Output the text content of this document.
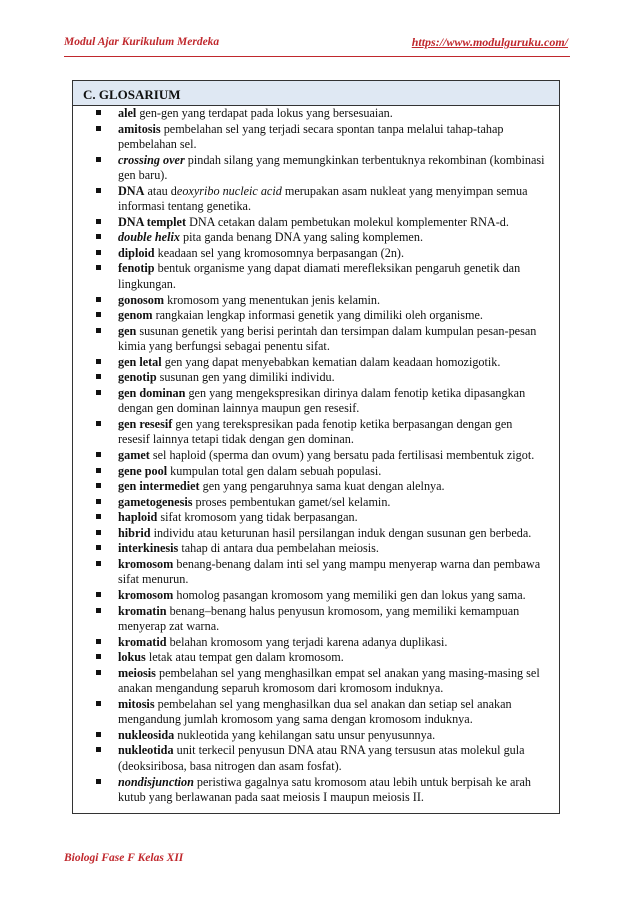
Modul Ajar Kurikulum Merdeka	https://www.modulguruku.com/
C. GLOSARIUM
alel gen-gen yang terdapat pada lokus yang bersesuaian.
amitosis pembelahan sel yang terjadi secara spontan tanpa melalui tahap-tahap pembelahan sel.
crossing over pindah silang yang memungkinkan terbentuknya rekombinan (kombinasi gen baru).
DNA atau deoxyribo nucleic acid merupakan asam nukleat yang menyimpan semua informasi tentang genetika.
DNA templet DNA cetakan dalam pembetukan molekul komplementer RNA-d.
double helix pita ganda benang DNA yang saling komplemen.
diploid keadaan sel yang kromosomnya berpasangan (2n).
fenotip bentuk organisme yang dapat diamati merefleksikan pengaruh genetik dan lingkungan.
gonosom kromosom yang menentukan jenis kelamin.
genom rangkaian lengkap informasi genetik yang dimiliki oleh organisme.
gen susunan genetik yang berisi perintah dan tersimpan dalam kumpulan pesan-pesan kimia yang berfungsi sebagai penentu sifat.
gen letal gen yang dapat menyebabkan kematian dalam keadaan homozigotik.
genotip susunan gen yang dimiliki individu.
gen dominan gen yang mengekspresikan dirinya dalam fenotip ketika dipasangkan dengan gen dominan lainnya maupun gen resesif.
gen resesif gen yang terekspresikan pada fenotip ketika berpasangan dengan gen resesif lainnya tetapi tidak dengan gen dominan.
gamet sel haploid (sperma dan ovum) yang bersatu pada fertilisasi membentuk zigot.
gene pool kumpulan total gen dalam sebuah populasi.
gen intermediet gen yang pengaruhnya sama kuat dengan alelnya.
gametogenesis proses pembentukan gamet/sel kelamin.
haploid sifat kromosom yang tidak berpasangan.
hibrid individu atau keturunan hasil persilangan induk dengan susunan gen berbeda.
interkinesis tahap di antara dua pembelahan meiosis.
kromosom benang-benang dalam inti sel yang mampu menyerap warna dan pembawa sifat menurun.
kromosom homolog pasangan kromosom yang memiliki gen dan lokus yang sama.
kromatin benang–benang halus penyusun kromosom, yang memiliki kemampuan menyerap zat warna.
kromatid belahan kromosom yang terjadi karena adanya duplikasi.
lokus letak atau tempat gen dalam kromosom.
meiosis pembelahan sel yang menghasilkan empat sel anakan yang masing-masing sel anakan mengandung separuh kromosom dari kromosom induknya.
mitosis pembelahan sel yang menghasilkan dua sel anakan dan setiap sel anakan mengandung jumlah kromosom yang sama dengan kromosom induknya.
nukleosida nukleotida yang kehilangan satu unsur penyusunnya.
nukleotida unit terkecil penyusun DNA atau RNA yang tersusun atas molekul gula (deoksiribosa, basa nitrogen dan asam fosfat).
nondisjunction peristiwa gagalnya satu kromosom atau lebih untuk berpisah ke arah kutub yang berlawanan pada saat meiosis I maupun meiosis II.
Biologi Fase F Kelas XII
